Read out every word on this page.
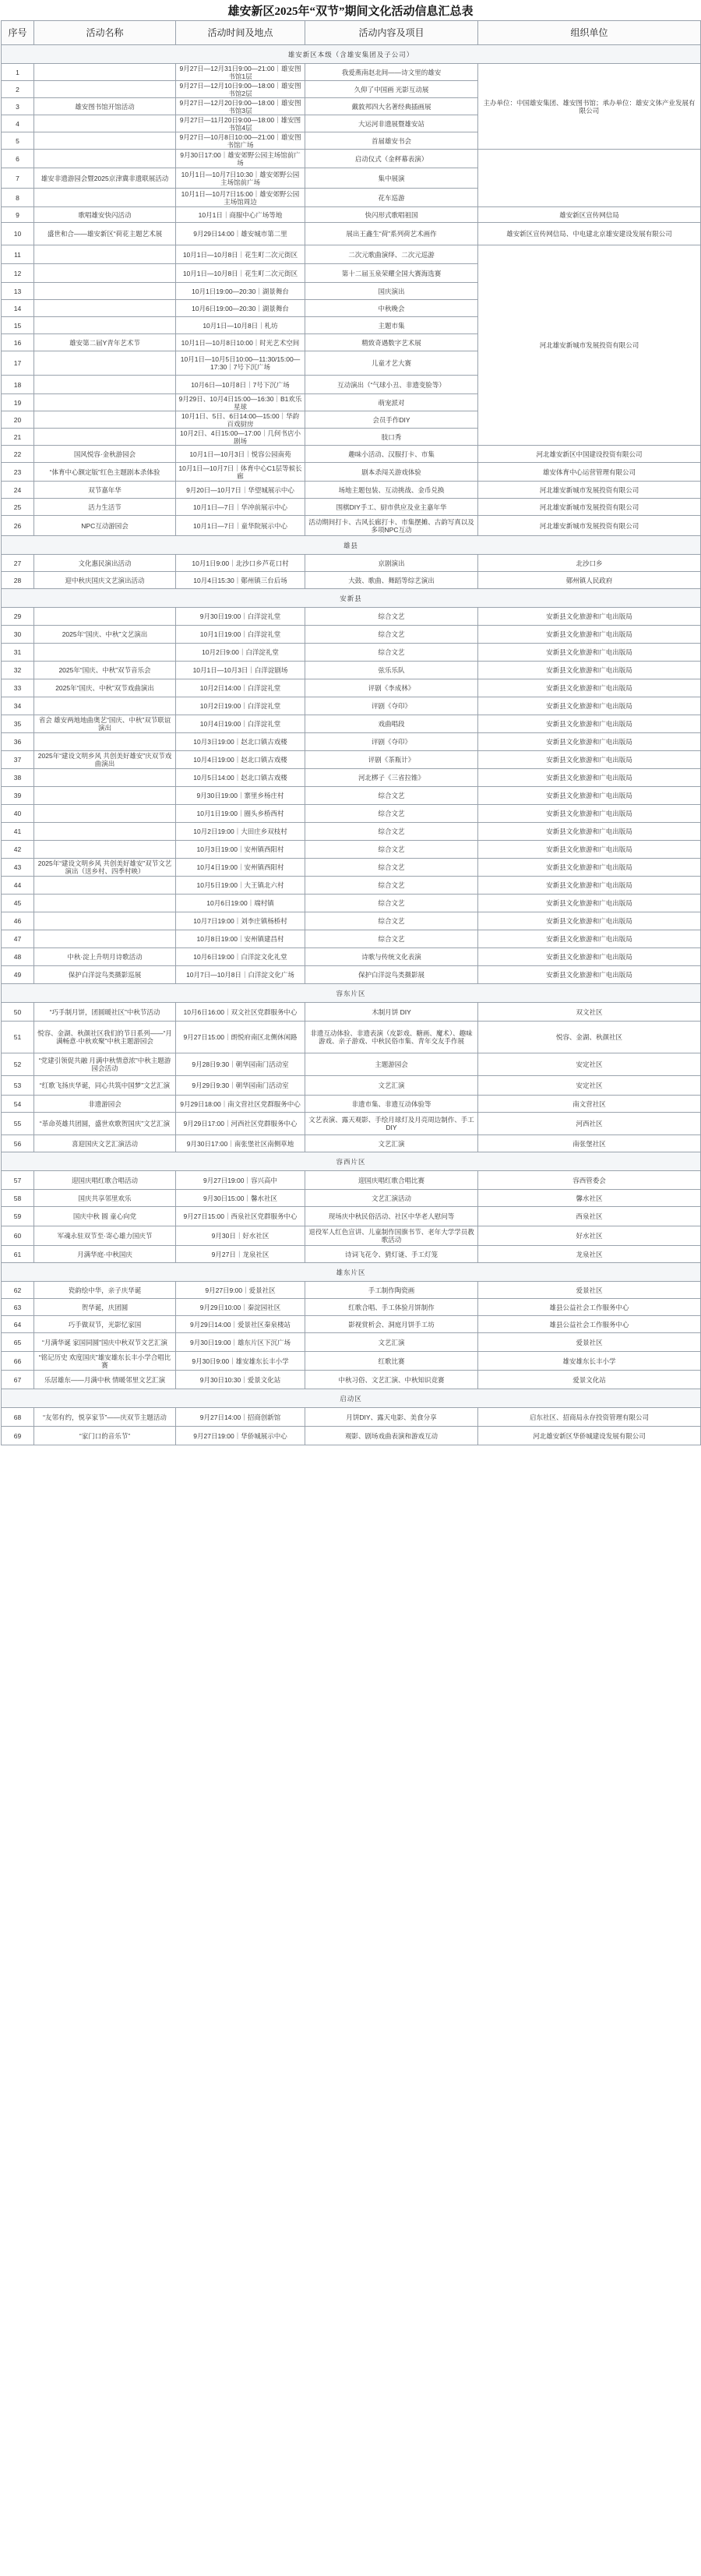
雄安新区2025年“双节”期间文化活动信息汇总表
序号	活动名称	活动时间及地点	活动内容及项目	组织单位
雄安新区本级（含雄安集团及子公司）				
1		9月27日—12月31日9:00—21:00｜雄安图书馆1层	我爱燕南赵北间——诗文里的雄安	主办单位：中国雄安集团、雄安图书馆；承办单位：雄安文体产业发展有限公司
2		9月27日—12月10日9:00—18:00｜雄安图书馆2层	久仰了中国画 光影互动展	
3	雄安图书馆开馆活动	9月27日—12月20日9:00—18:00｜雄安图书馆3层	戴敦邦四大名著经典插画展	
4		9月27日—11月20日9:00—18:00｜雄安图书馆4层	大运河非遗展暨雄安站	
5		9月27日—10月8日10:00—21:00｜雄安图书馆广场	首届雄安书会	
6		9月30日17:00｜雄安郊野公园主场馆前广场	启动仪式（金秤幕表演）	
7	雄安非遗游园会暨2025京津冀非遗联展活动	10月1日—10月7日10:30｜雄安郊野公园主场馆前广场	集中展演	
8		10月1日—10月7日15:00｜雄安郊野公园主场馆周边	花车巡游	
9	歌唱雄安快闪活动	10月1日｜商服中心广场等地	快闪形式歌唱祖国	雄安新区宣传网信局
10	盛世和合——雄安新区“荷花主题艺术展	9月29日14:00｜雄安城市第二里	展出王鑫生“荷”系列荷艺术画作	雄安新区宣传网信局、中电建北京雄安建设发展有限公司
11		10月1日—10月8日｜花生町二次元街区	二次元歌曲演绎、二次元巡游	河北雄安新城市发展投资有限公司
12		10月1日—10月8日｜花生町二次元街区	第十二届玉泉荣耀全国大赛海选赛	
13		10月1日19:00—20:30｜湖景舞台	国庆演出	
14		10月6日19:00—20:30｜湖景舞台	中秋晚会	
15		10月1日—10月8日｜札坊	主题市集	
16	雄安第二届Y青年艺术节	10月1日—10月8日10:00｜时光艺术空间	精致奇遇数字艺术展	
17		10月1日—10月5日10:00—11:30/15:00—17:30｜7号下沉广场	儿童才艺大赛	
18		10月6日—10月8日｜7号下沉广场	互动演出（“气球小丑、非遗变脸等）	
19		9月29日、10月4日15:00—16:30｜B1欢乐星球	萌宠派对	
20		10月1日、5日、6日14:00—15:00｜华韵百戏厨房	会员手作DIY	
21		10月2日、4日15:00—17:00｜几何书店小剧场	肢口秀	
22	国风悦容·金秋游园会	10月1日—10月3日｜悦容公园南苑	趣味小活动、汉服打卡、市集	河北雄安新区中国建设投资有限公司
23	“体育中心额定版”红色主题剧本杀体验	10月1日—10月7日｜体育中心C1层等候长廊	剧本杀闯关游戏体验	雄安体育中心运营管理有限公司
24	双节嘉年华	9月20日—10月7日｜华望城展示中心	场地主题包装、互动挑战、金币兑换	河北雄安新城市发展投资有限公司
25	活力生活节	10月1日—7日｜华冲前展示中心	围棋DIY手工、厨市供应及业主嘉年华	河北雄安新城市发展投资有限公司
26	NPC互动游园会	10月1日—7日｜童华院展示中心	活动期间打卡、古风长廊打卡、市集摆摊、古韵写真以及多项NPC互动	河北雄安新城市发展投资有限公司
雄县				
27	文化惠民演出活动	10月1日9:00｜北沙口乡芦花口村	京剧演出	北沙口乡
28	迎中秋庆国庆文艺演出活动	10月4日15:30｜鄚州镇三台后场	大鼓、歌曲、舞蹈等综艺演出	鄚州镇人民政府
安新县				
29		9月30日19:00｜白洋淀礼堂	综合文艺	安新县文化旅游和广电出版局
30	2025年“国庆、中秋”文艺演出	10月1日19:00｜白洋淀礼堂	综合文艺	安新县文化旅游和广电出版局
31		10月2日9:00｜白洋淀礼堂	综合文艺	安新县文化旅游和广电出版局
32	2025年“国庆、中秋”双节音乐会	10月1日—10月3日｜白洋淀剧场	弦乐乐队	安新县文化旅游和广电出版局
33	2025年“国庆、中秋”双节戏曲演出	10月2日14:00｜白洋淀礼堂	评剧《李成林》	安新县文化旅游和广电出版局
34		10月2日19:00｜白洋淀礼堂	评剧《夺印》	安新县文化旅游和广电出版局
35	省会 雄安两地地曲奥艺“国庆、中秋”双节联谊演出	10月4日19:00｜白洋淀礼堂	戏曲唱段	安新县文化旅游和广电出版局
36		10月3日19:00｜赵北口镇古戏楼	评剧《夺印》	安新县文化旅游和广电出版局
37	2025年“建设文明乡风 共创美好雄安”庆双节戏曲演出	10月4日19:00｜赵北口镇古戏楼	评剧《茶瓶计》	安新县文化旅游和广电出版局
38		10月5日14:00｜赵北口镇古戏楼	河北梆子《三省拉锥》	安新县文化旅游和广电出版局
39		9月30日19:00｜寨里乡杨庄村	综合文艺	安新县文化旅游和广电出版局
40		10月1日19:00｜圈头乡桥西村	综合文艺	安新县文化旅游和广电出版局
41		10月2日19:00｜大田庄乡双枝村	综合文艺	安新县文化旅游和广电出版局
42		10月3日19:00｜安州镇西阳村	综合文艺	安新县文化旅游和广电出版局
43	2025年“建设文明乡风 共创美好雄安”双节文艺演出（送乡村、四季村映）	10月4日19:00｜安州镇西阳村	综合文艺	安新县文化旅游和广电出版局
44		10月5日19:00｜大王镇北六村	综合文艺	安新县文化旅游和广电出版局
45		10月6日19:00｜端村镇	综合文艺	安新县文化旅游和广电出版局
46		10月7日19:00｜刘李庄镇杨桥村	综合文艺	安新县文化旅游和广电出版局
47		10月8日19:00｜安州镇建昌村	综合文艺	安新县文化旅游和广电出版局
48	中秋·淀上升明月诗歌活动	10月6日19:00｜白洋淀文化礼堂	诗歌与传统文化表演	安新县文化旅游和广电出版局
49	保护白洋淀鸟类摄影巡展	10月7日—10月8日｜白洋淀文化广场	保护白洋淀鸟类摄影展	安新县文化旅游和广电出版局
容东片区				
50	“巧手制月饼，团圆暖社区”中秋节活动	10月6日16:00｜双文社区党群服务中心	木制月饼 DIY	双文社区
51	悦容、金湖、秋颜社区我们的节日系列——“月满畅意·中秋欢聚”中秋主题游园会	9月27日15:00｜朗悦府南区北侧休闲路	非遗互动体验、非遗表演（皮影戏、糖画、魔术）、趣味游戏、亲子游戏、中秋民俗市集、青年交友手作展	悦容、金湖、秋颜社区
52	“党建引领促共融 月满中秋情意浓”中秋主题游园会活动	9月28日9:30｜朝华园南门活动室	主题游园会	安定社区
53	“红歌飞扬庆华诞，同心共筑中国梦”文艺汇演	9月29日9:30｜朝华园南门活动室	文艺汇演	安定社区
54	非遗游园会	9月29日18:00｜南文营社区党群服务中心	非遗市集、非遗互动体验等	南文营社区
55	“革命英雄共团圆，盛世欢歌贺国庆”文艺汇演	9月29日17:00｜河西社区党群服务中心	文艺表演、露天观影、手绘月球灯及月亮周边制作、手工DIY	河西社区
56	喜迎国庆文艺汇演活动	9月30日17:00｜南张堡社区南侧草地	文艺汇演	南张堡社区
容西片区				
57	迎国庆唱红歌合唱活动	9月27日19:00｜容兴高中	迎国庆唱红歌合唱比赛	容西管委会
58	国庆共享邻里欢乐	9月30日15:00｜馨水社区	文艺汇演活动	馨水社区
59	国庆中秋 圆 童心向党	9月27日15:00｜西泉社区党群服务中心	现场庆中秋民俗活动、社区中华老人慰问等	西泉社区
60	军魂永驻双节至·寄心雄力国庆节	9月30日｜好水社区	退役军人红色宣讲、儿童制作国旗书节、老年大学学员教歌活动	好水社区
61	月满华庭·中秋国庆	9月27日｜龙泉社区	诗词飞花令、猜灯谜、手工灯笼	龙泉社区
雄东片区				
62	瓷韵绘中华，亲子庆华诞	9月27日9:00｜爱景社区	手工制作陶瓷画	爱景社区
63	贺华诞，庆团圆	9月29日10:00｜秦淀园社区	红歌合唱、手工体验月饼制作	雄县公益社会工作服务中心
64	巧手做双节，光影忆家国	9月29日14:00｜爱景社区秦泉楼站	影视赏析会、洞庭月饼手工坊	雄县公益社会工作服务中心
65	“月满华诞 家国同圆”国庆中秋双节文艺汇演	9月30日19:00｜雄东片区下沉广场	文艺汇演	爱景社区
66	“铭记历史 欢度国庆”雄安雄东长丰小学合唱比赛	9月30日9:00｜雄安雄东长丰小学	红歌比赛	雄安雄东长丰小学
67	乐居雄东——月满中秋 情暖邻里文艺汇演	9月30日10:30｜爱景文化站	中秋习俗、文艺汇演、中秋知识竞赛	爱景文化站
启动区				
68	“友邻有约，悦享家节”——庆双节主题活动	9月27日14:00｜招商创新馆	月饼DIY、露天电影、美食分享	启东社区、招商局永存投资管理有限公司
69	“家门口的音乐节”	9月27日19:00｜华侨城展示中心	观影、剧场戏曲表演和游戏互动	河北雄安新区华侨城建设发展有限公司
